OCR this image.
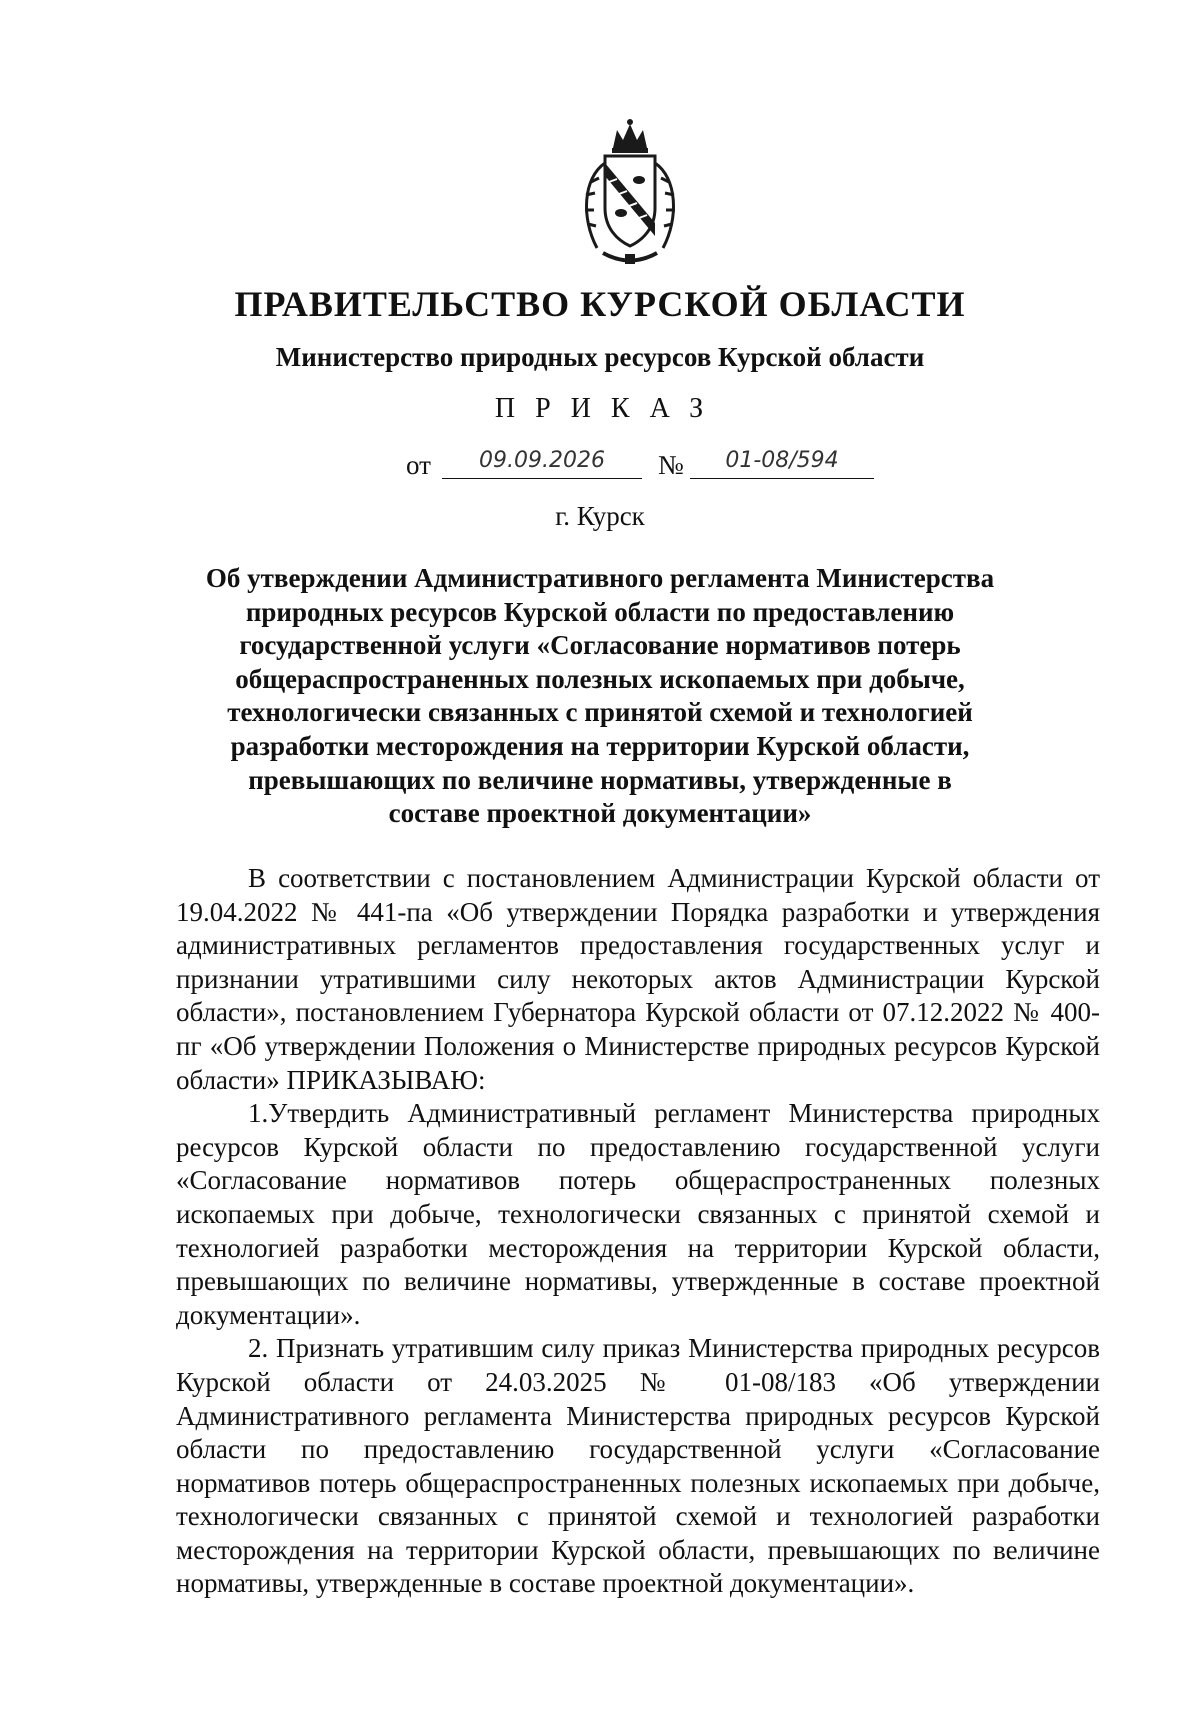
ПРАВИТЕЛЬСТВО КУРСКОЙ ОБЛАСТИ
Министерство природных ресурсов Курской области
ПРИКАЗ
от	09.09.2026	№	01-08/594
г. Курск
Об утверждении Административного регламента Министерства природных ресурсов Курской области по предоставлению государственной услуги «Согласование нормативов потерь общераспространенных полезных ископаемых при добыче, технологически связанных с принятой схемой и технологией разработки месторождения на территории Курской области, превышающих по величине нормативы, утвержденные в составе проектной документации»

В соответствии с постановлением Администрации Курской области от 19.04.2022 № 441-па «Об утверждении Порядка разработки и утверждения административных регламентов предоставления государственных услуг и признании утратившими силу некоторых актов Администрации Курской области», постановлением Губернатора Курской области от 07.12.2022 № 400-пг «Об утверждении Положения о Министерстве природных ресурсов Курской области» ПРИКАЗЫВАЮ:

1.Утвердить Административный регламент Министерства природных ресурсов Курской области по предоставлению государственной услуги «Согласование нормативов потерь общераспространенных полезных ископаемых при добыче, технологически связанных с принятой схемой и технологией разработки месторождения на территории Курской области, превышающих по величине нормативы, утвержденные в составе проектной документации».

2. Признать утратившим силу приказ Министерства природных ресурсов Курской области от 24.03.2025 № 01-08/183 «Об утверждении Административного регламента Министерства природных ресурсов Курской области по предоставлению государственной услуги «Согласование нормативов потерь общераспространенных полезных ископаемых при добыче, технологически связанных с принятой схемой и технологией разработки месторождения на территории Курской области, превышающих по величине нормативы, утвержденные в составе проектной документации».
